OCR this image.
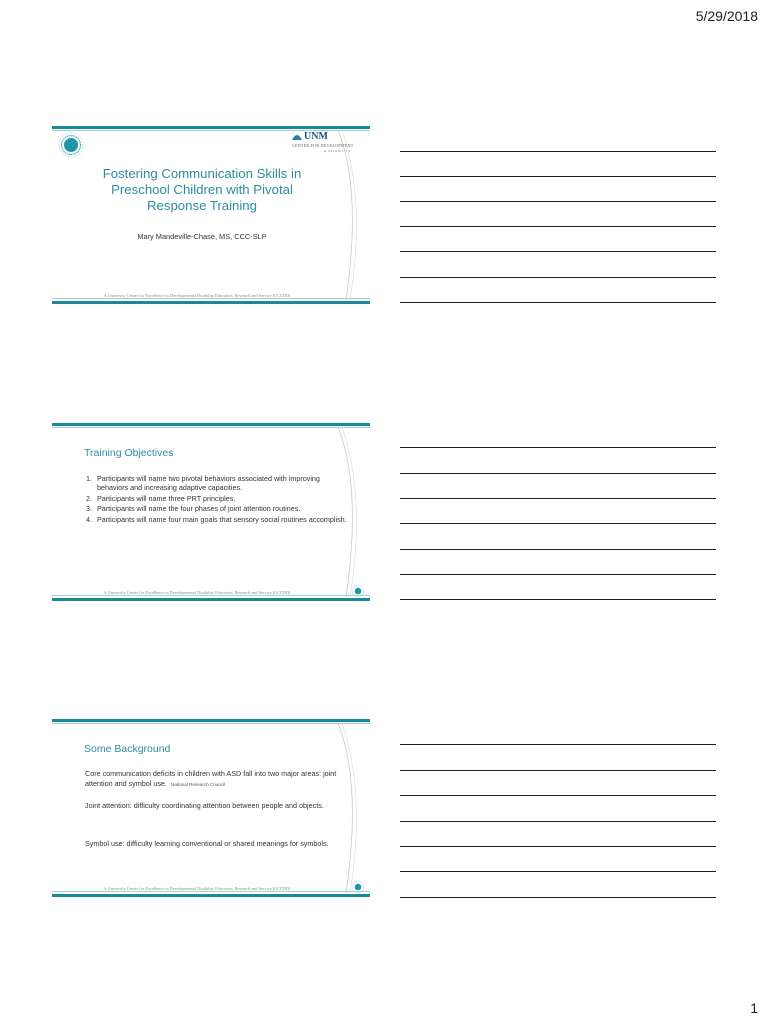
5/29/2018
UNM
CENTER FOR DEVELOPMENT
& DISABILITY
Fostering Communication Skills in Preschool Children with Pivotal Response Training
Mary Mandeville-Chase, MS, CCC-SLP
A University Center for Excellence in Developmental Disability Education, Research and Service (UCEDD)
Training Objectives
1. Participants will name two pivotal behaviors associated with improving behaviors and increasing adaptive capacities.
2. Participants will name three PRT principles.
3. Participants will name the four phases of joint attention routines.
4. Participants will name four main goals that sensory social routines accomplish.
A University Center for Excellence in Developmental Disability Education, Research and Service (UCEDD)
Some Background
Core communication deficits in children with ASD fall into two major areas: joint attention and symbol use. National Research Council
Joint attention: difficulty coordinating attention between people and objects.
Symbol use: difficulty learning conventional or shared meanings for symbols.
A University Center for Excellence in Developmental Disability Education, Research and Service (UCEDD)
1
